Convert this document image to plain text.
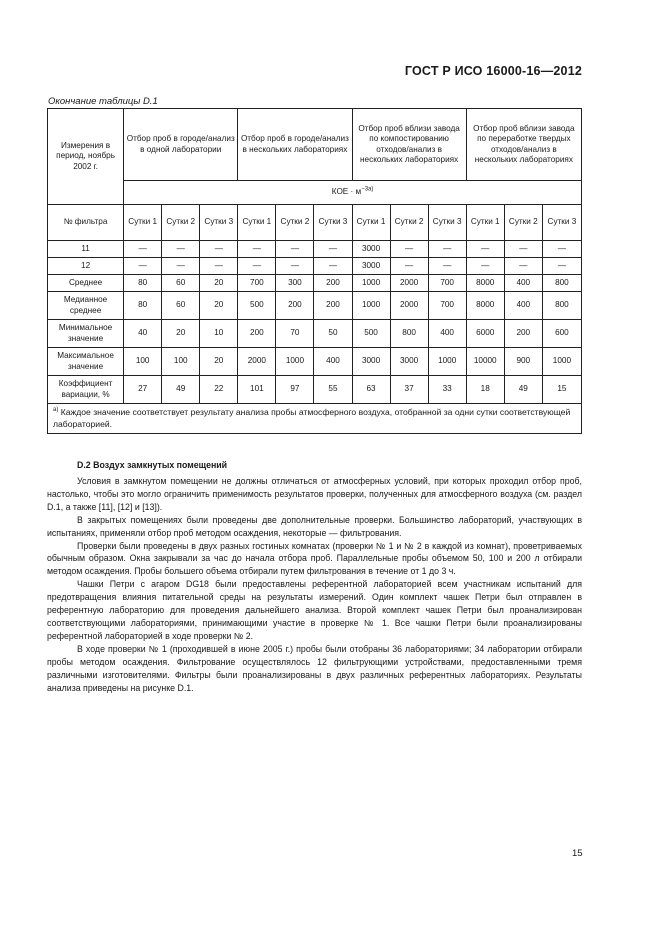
ГОСТ Р ИСО 16000-16—2012
Окончание таблицы D.1
Измерения в период, ноябрь 2002 г.	Отбор проб в городе/анализ в одной лаборатории			Отбор проб в городе/анализ в нескольких лабораториях			Отбор проб вблизи завода по компостированию отходов/анализ в нескольких лабораториях			Отбор проб вблизи завода по переработке твердых отходов/анализ в нескольких лабораториях		
	КОЕ · $м^{-3а)}$
№ фильтра	Сутки 1	Сутки 2	Сутки 3	Сутки 1	Сутки 2	Сутки 3	Сутки 1	Сутки 2	Сутки 3	Сутки 1	Сутки 2	Сутки 3
11	—	—	—	—	—	—	3000	—	—	—	—	—
12	—	—	—	—	—	—	3000	—	—	—	—	—
Среднее	80	60	20	700	300	200	1000	2000	700	8000	400	800
Медианное среднее	80	60	20	500	200	200	1000	2000	700	8000	400	800
Минимальное значение	40	20	10	200	70	50	500	800	400	6000	200	600
Максимальное значение	100	100	20	2000	1000	400	3000	3000	1000	10000	900	1000
Коэффициент вариации, %	27	49	22	101	97	55	63	37	33	18	49	15
$^{а)}$ Каждое значение соответствует результату анализа пробы атмосферного воздуха, отобранной за одни сутки соответствующей лабораторией.												
D.2 Воздух замкнутых помещений

Условия в замкнутом помещении не должны отличаться от атмосферных условий, при которых проходил отбор проб, настолько, чтобы это могло ограничить применимость результатов проверки, полученных для атмосферного воздуха (см. раздел D.1, а также [11], [12] и [13]).

В закрытых помещениях были проведены две дополнительные проверки. Большинство лабораторий, участвующих в испытаниях, применяли отбор проб методом осаждения, некоторые — фильтрования.

Проверки были проведены в двух разных гостиных комнатах (проверки № 1 и № 2 в каждой из комнат), проветриваемых обычным образом. Окна закрывали за час до начала отбора проб. Параллельные пробы объемом 50, 100 и 200 л отбирали методом осаждения. Пробы большего объема отбирали путем фильтрования в течение от 1 до 3 ч.

Чашки Петри с агаром DG18 были предоставлены референтной лабораторией всем участникам испытаний для предотвращения влияния питательной среды на результаты измерений. Один комплект чашек Петри был отправлен в референтную лабораторию для проведения дальнейшего анализа. Второй комплект чашек Петри был проанализирован соответствующими лабораториями, принимающими участие в проверке № 1. Все чашки Петри были проанализированы референтной лабораторией в ходе проверки № 2.

В ходе проверки № 1 (проходившей в июне 2005 г.) пробы были отобраны 36 лабораториями; 34 лаборатории отбирали пробы методом осаждения. Фильтрование осуществлялось 12 фильтрующими устройствами, предоставленными тремя различными изготовителями. Фильтры были проанализированы в двух различных референтных лабораториях. Результаты анализа приведены на рисунке D.1.

15
